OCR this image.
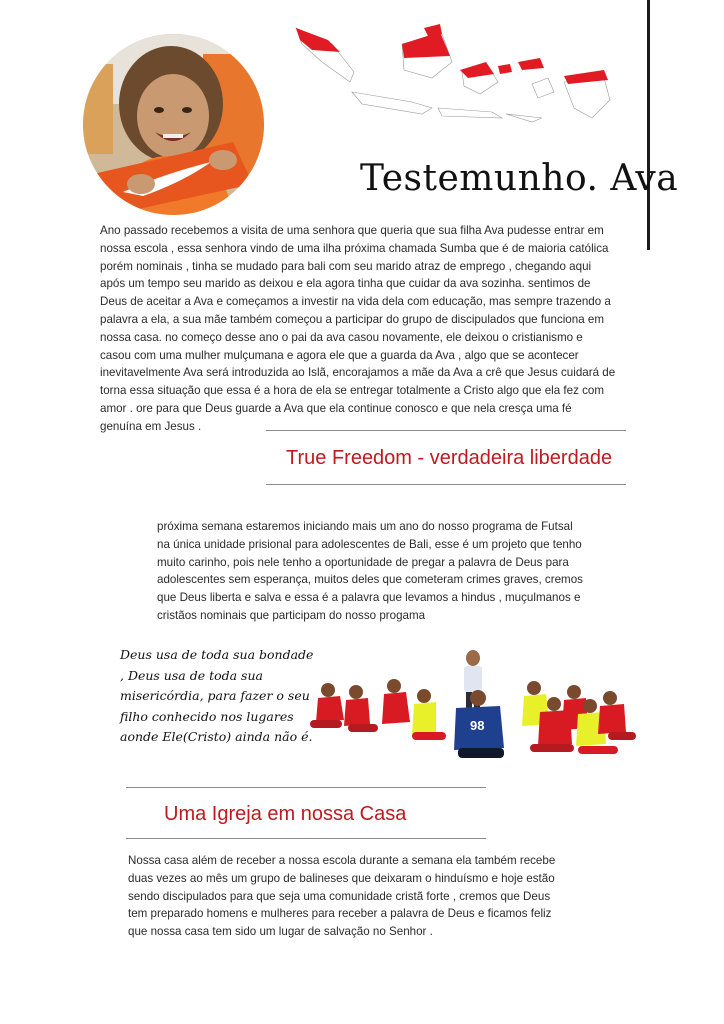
Testemunho. Ava
Ano passado recebemos a visita de uma senhora que queria que sua filha Ava pudesse entrar em nossa escola , essa senhora vindo de uma ilha próxima chamada Sumba que é de maioria católica porém nominais , tinha se mudado para bali com seu marido atraz de emprego , chegando aqui após um tempo seu marido as deixou e ela agora tinha que cuidar da ava sozinha. sentimos de Deus de aceitar a Ava e começamos a investir na vida dela com educação, mas sempre trazendo a palavra a ela, a sua mãe também começou a participar do grupo de discipulados que funciona em nossa casa. no começo desse ano o pai da ava casou novamente, ele deixou o cristianismo e casou com uma mulher mulçumana e agora ele que a guarda da Ava , algo que se acontecer inevitavelmente Ava será introduzida ao Islã, encorajamos a mãe da Ava a crê que Jesus cuidará de torna essa situação que essa é a hora de ela se entregar totalmente a Cristo algo que ela fez com amor . ore para que Deus guarde a Ava que ela continue conosco e que nela cresça uma fé genuína em Jesus .
True Freedom - verdadeira liberdade
próxima semana estaremos iniciando mais um ano do nosso programa de Futsal na única unidade prisional para adolescentes de Bali, esse é um projeto que tenho muito carinho, pois nele tenho a oportunidade de pregar a palavra de Deus para adolescentes sem esperança, muitos deles que cometeram crimes graves, cremos que Deus liberta e salva e essa é a palavra que levamos a hindus , muçulmanos e cristãos nominais que participam do nosso progama
Deus usa de toda sua bondade , Deus usa de toda sua misericórdia, para fazer o seu filho conhecido nos lugares aonde Ele(Cristo) ainda não é.
98
Uma Igreja em nossa Casa
Nossa casa além de receber a nossa escola durante a semana ela também recebe duas vezes ao mês um grupo de balineses que deixaram o hinduísmo e hoje estão sendo discipulados para que seja uma comunidade cristã forte , cremos que Deus tem preparado homens e mulheres para receber a palavra de Deus e ficamos feliz que nossa casa tem sido um lugar de salvação no Senhor .
